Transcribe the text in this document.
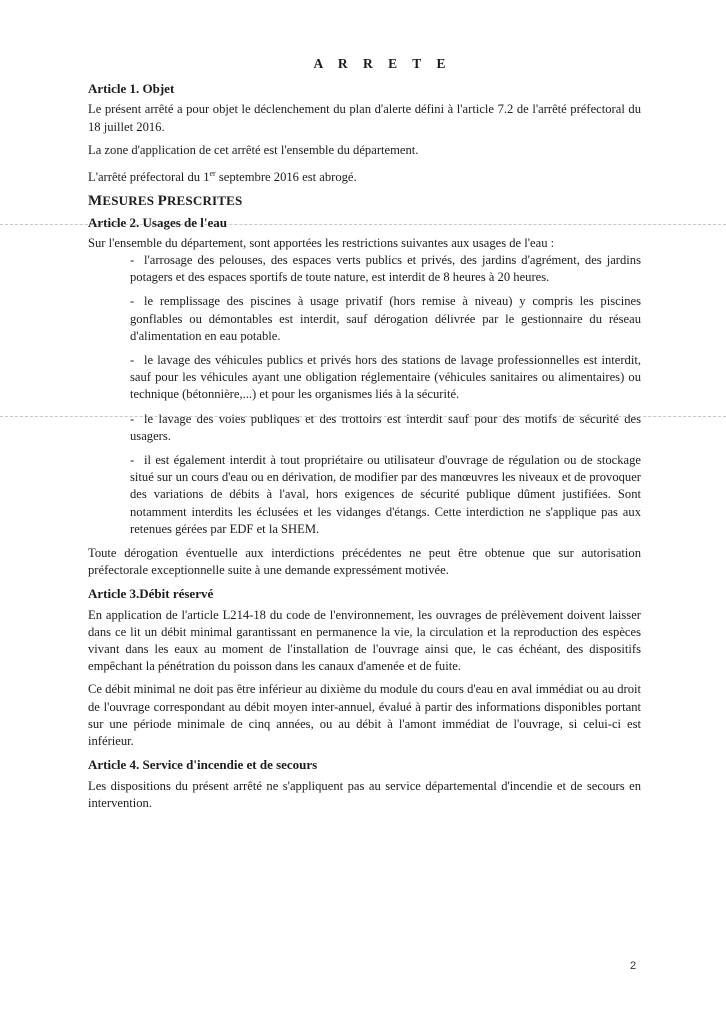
A R R E T E

Article 1. Objet

Le présent arrêté a pour objet le déclenchement du plan d'alerte défini à l'article 7.2 de l'arrêté préfectoral du 18 juillet 2016.

La zone d'application de cet arrêté est l'ensemble du département.

L'arrêté préfectoral du 1er septembre 2016 est abrogé.

MESURES PRESCRITES

Article 2. Usages de l'eau

Sur l'ensemble du département, sont apportées les restrictions suivantes aux usages de l'eau :

- l'arrosage des pelouses, des espaces verts publics et privés, des jardins d'agrément, des jardins potagers et des espaces sportifs de toute nature, est interdit de 8 heures à 20 heures.

- le remplissage des piscines à usage privatif (hors remise à niveau) y compris les piscines gonflables ou démontables est interdit, sauf dérogation délivrée par le gestionnaire du réseau d'alimentation en eau potable.

- le lavage des véhicules publics et privés hors des stations de lavage professionnelles est interdit, sauf pour les véhicules ayant une obligation réglementaire (véhicules sanitaires ou alimentaires) ou technique (bétonnière,...) et pour les organismes liés à la sécurité.

- le lavage des voies publiques et des trottoirs est interdit sauf pour des motifs de sécurité des usagers.

- il est également interdit à tout propriétaire ou utilisateur d'ouvrage de régulation ou de stockage situé sur un cours d'eau ou en dérivation, de modifier par des manœuvres les niveaux et de provoquer des variations de débits à l'aval, hors exigences de sécurité publique dûment justifiées. Sont notamment interdits les éclusées et les vidanges d'étangs. Cette interdiction ne s'applique pas aux retenues gérées par EDF et la SHEM.

Toute dérogation éventuelle aux interdictions précédentes ne peut être obtenue que sur autorisation préfectorale exceptionnelle suite à une demande expressément motivée.

Article 3.Débit réservé

En application de l'article L214-18 du code de l'environnement, les ouvrages de prélèvement doivent laisser dans ce lit un débit minimal garantissant en permanence la vie, la circulation et la reproduction des espèces vivant dans les eaux au moment de l'installation de l'ouvrage ainsi que, le cas échéant, des dispositifs empêchant la pénétration du poisson dans les canaux d'amenée et de fuite.

Ce débit minimal ne doit pas être inférieur au dixième du module du cours d'eau en aval immédiat ou au droit de l'ouvrage correspondant au débit moyen inter-annuel, évalué à partir des informations disponibles portant sur une période minimale de cinq années, ou au débit à l'amont immédiat de l'ouvrage, si celui-ci est inférieur.

Article 4. Service d'incendie et de secours

Les dispositions du présent arrêté ne s'appliquent pas au service départemental d'incendie et de secours en intervention.

2
